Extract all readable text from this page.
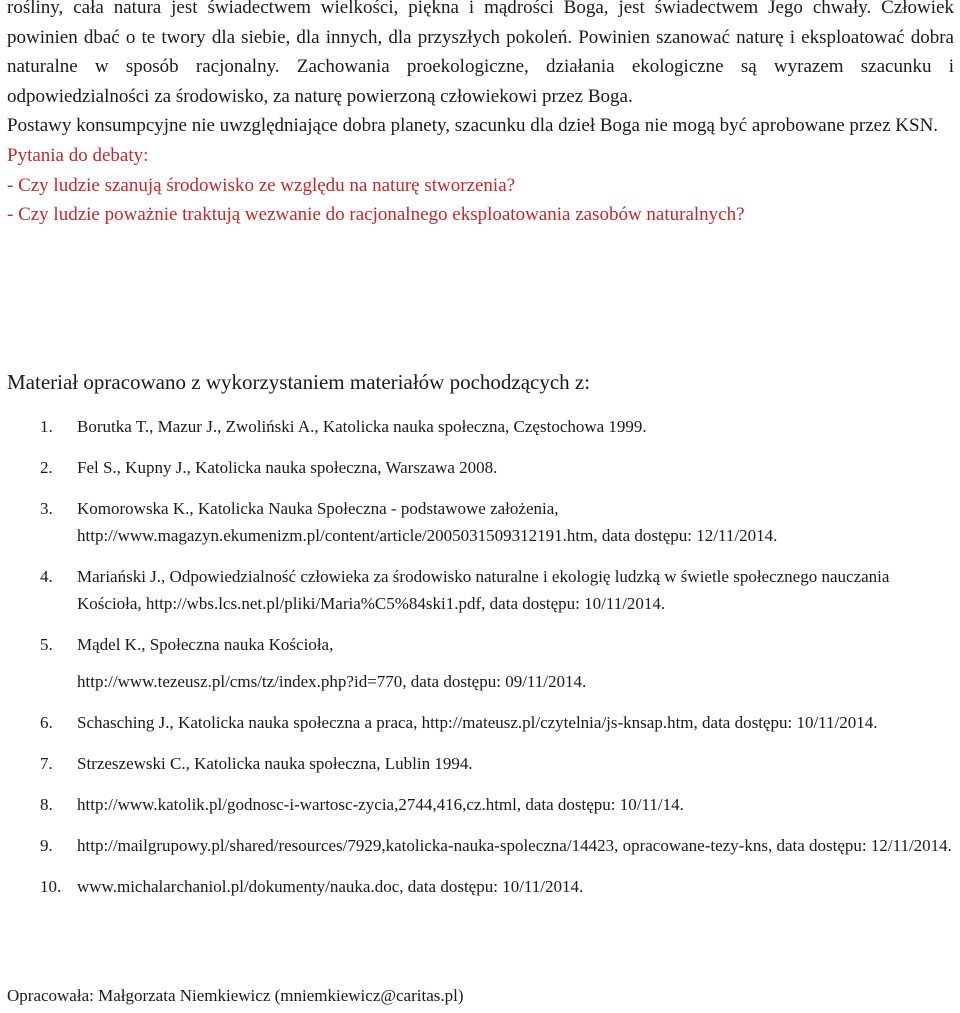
rośliny, cała natura jest świadectwem wielkości, piękna i mądrości Boga, jest świadectwem Jego chwały. Człowiek powinien dbać o te twory dla siebie, dla innych, dla przyszłych pokoleń. Powinien szanować naturę i eksploatować dobra naturalne w sposób racjonalny. Zachowania proekologiczne, działania ekologiczne są wyrazem szacunku i odpowiedzialności za środowisko, za naturę powierzoną człowiekowi przez Boga.

Postawy konsumpcyjne nie uwzględniające dobra planety, szacunku dla dzieł Boga nie mogą być aprobowane przez KSN.

Pytania do debaty:

- Czy ludzie szanują środowisko ze względu na naturę stworzenia?

- Czy ludzie poważnie traktują wezwanie do racjonalnego eksploatowania zasobów naturalnych?

Materiał opracowano z wykorzystaniem materiałów pochodzących z:
1. Borutka T., Mazur J., Zwoliński A., Katolicka nauka społeczna, Częstochowa 1999.
2. Fel S., Kupny J., Katolicka nauka społeczna, Warszawa 2008.
3. Komorowska K., Katolicka Nauka Społeczna - podstawowe założenia,
http://www.magazyn.ekumenizm.pl/content/article/20050315093121​91.htm, data dostępu: 12/11/2014.
4. Mariański J., Odpowiedzialność człowieka za środowisko naturalne i ekologię ludzką w świetle społecznego nauczania Kościoła, http://wbs.lcs.net.pl/pliki/Maria%C5%84ski1.pdf, data dostępu: 10/11/2014.
5. Mądel K., Społeczna nauka Kościoła,
http://www.tezeusz.pl/cms/tz/index.php?id=770, data dostępu: 09/11/2014.
6. Schasching J., Katolicka nauka społeczna a praca, http://mateusz.pl/czytelnia/js-knsap.htm, data dostępu: 10/11/2014.
7. Strzeszewski C., Katolicka nauka społeczna, Lublin 1994.
8. http://www.katolik.pl/godnosc-i-wartosc-zycia,2744,416,cz.html, data dostępu: 10/11/14.
9. http://mailgrupowy.pl/shared/resources/7929,katolicka-nauka-spoleczna/14423, opracowane-tezy-kns, data dostępu: 12/11/2014.
10. www.michalarchaniol.pl/dokumenty/nauka.doc, data dostępu: 10/11/2014.
Opracowała: Małgorzata Niemkiewicz (mniemkiewicz@caritas.pl)
